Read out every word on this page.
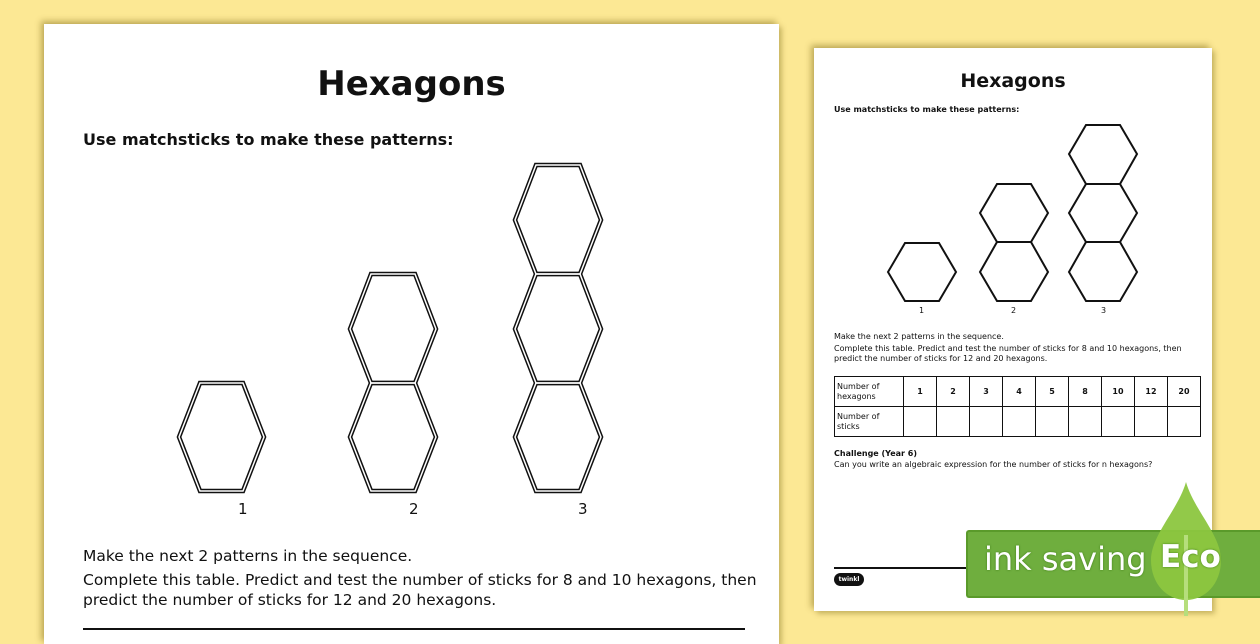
Hexagons
Use matchsticks to make these patterns:
1	2	3
Make the next 2 patterns in the sequence.
Complete this table. Predict and test the number of sticks for 8 and 10 hexagons, then
predict the number of sticks for 12 and 20 hexagons.
Hexagons
Use matchsticks to make these patterns:
1	2	3
Make the next 2 patterns in the sequence.
Complete this table. Predict and test the number of sticks for 8 and 10 hexagons, then
predict the number of sticks for 12 and 20 hexagons.
Number of hexagons	1	2	3	4	5	8	10	12	20
Number of sticks									
Challenge (Year 6)
Can you write an algebraic expression for the number of sticks for n hexagons?
twinkl
ink saving Eco
